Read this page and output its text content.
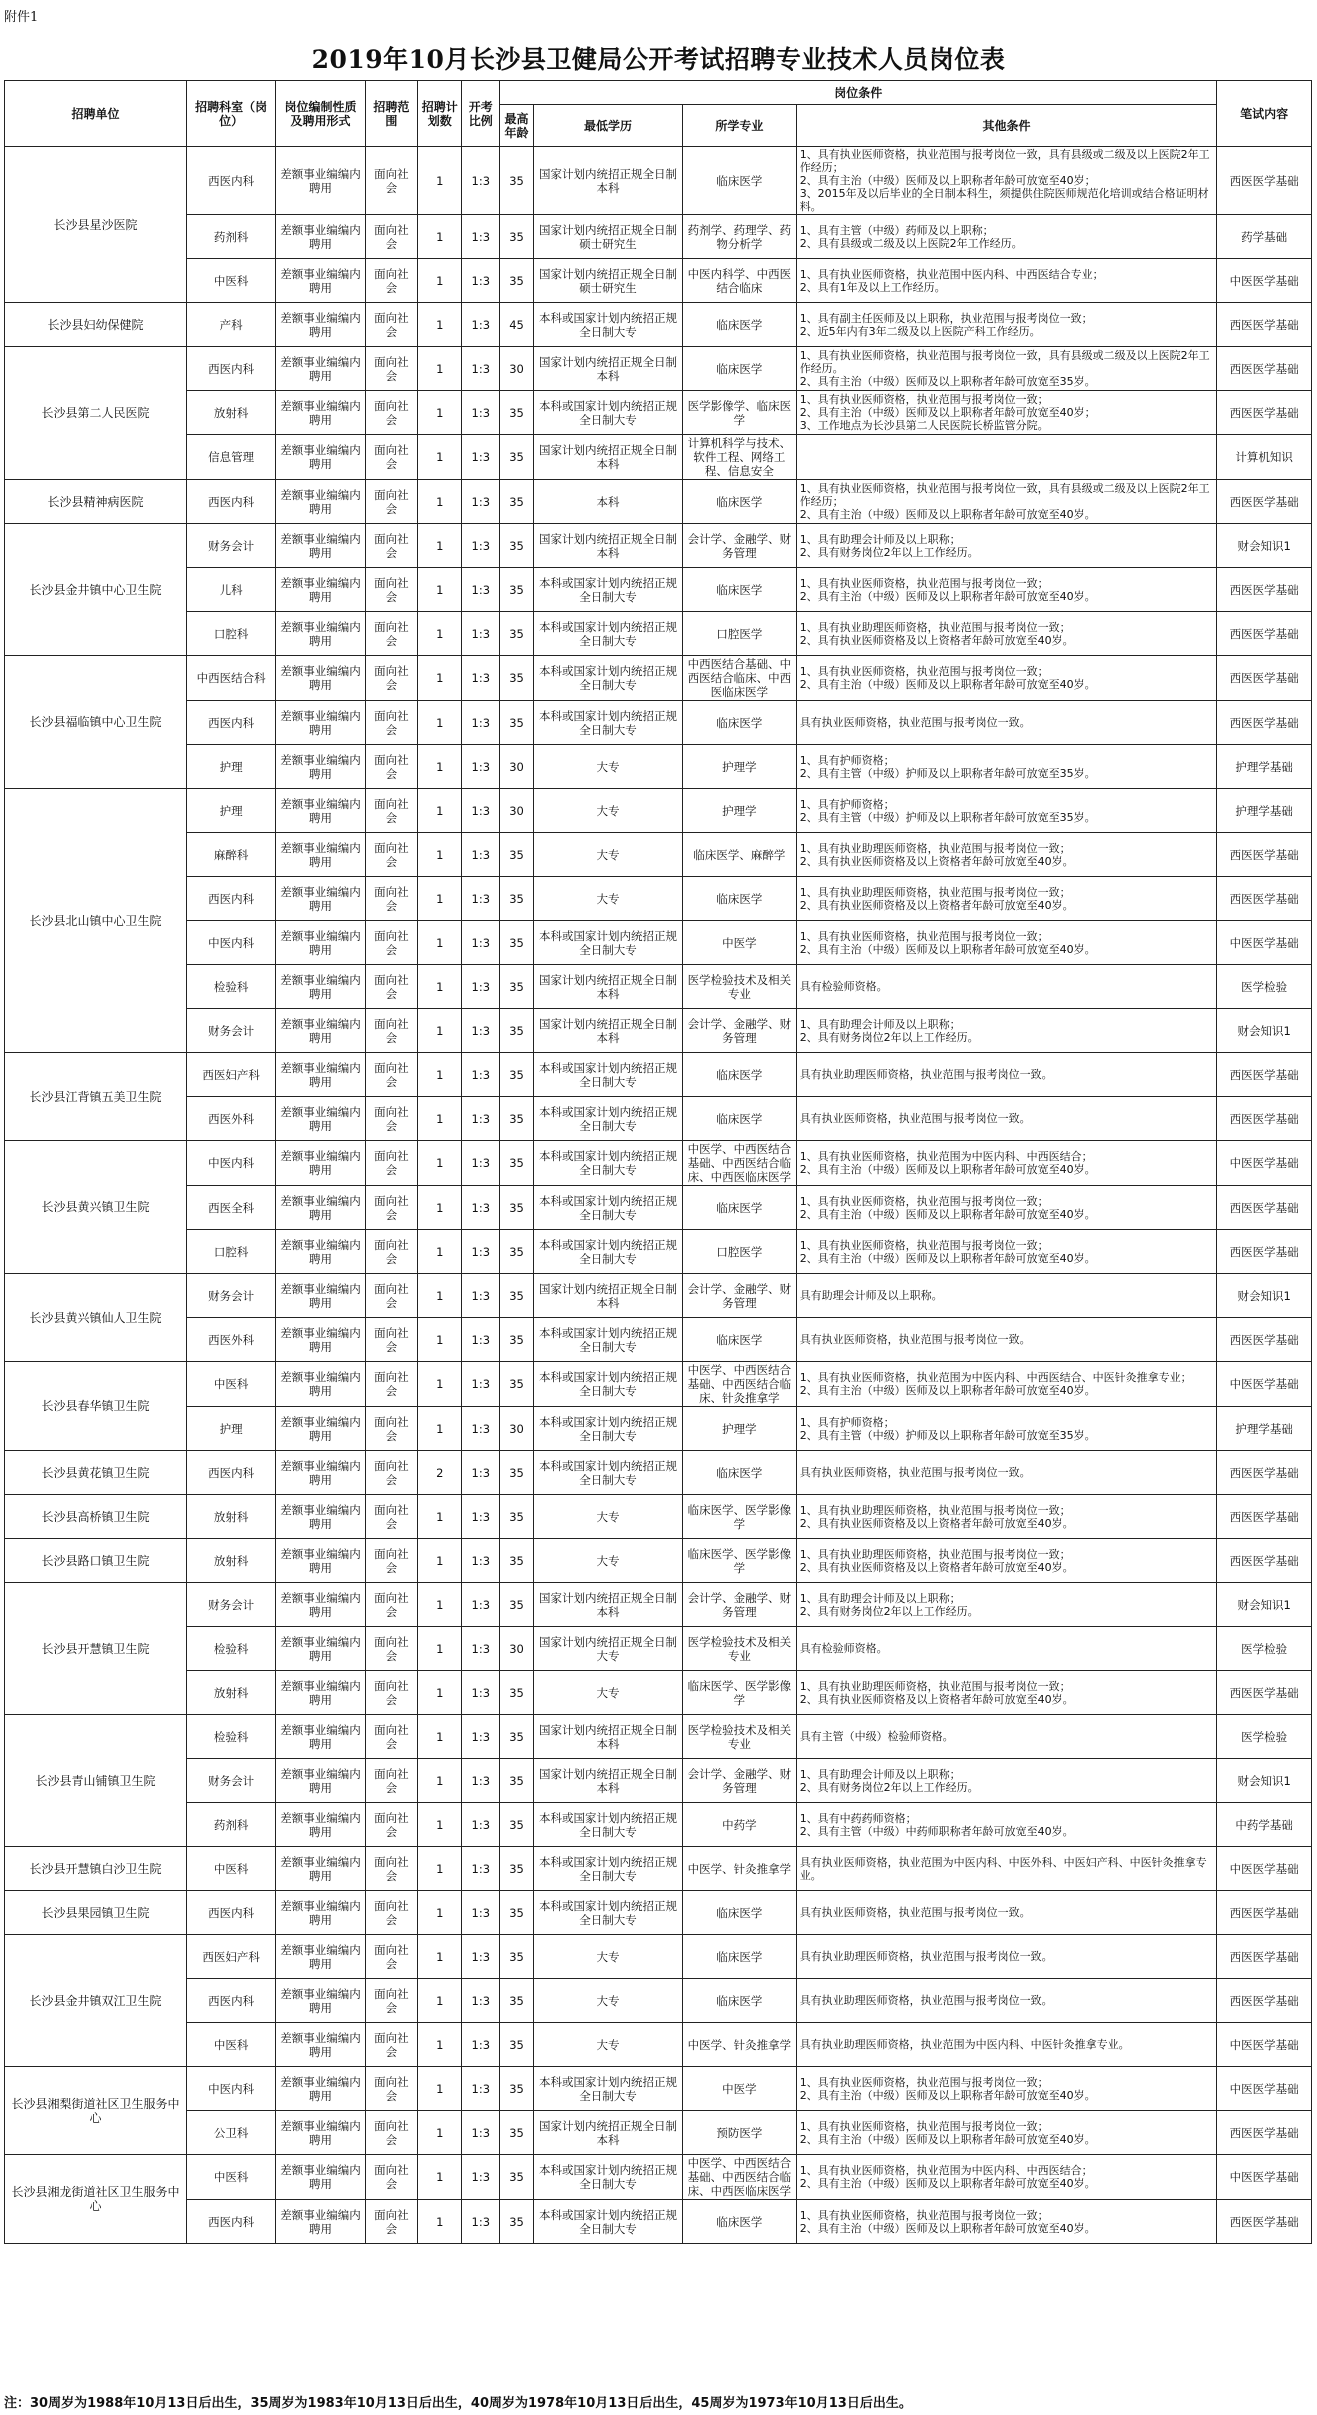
附件1
2019年10月长沙县卫健局公开考试招聘专业技术人员岗位表
招聘单位	招聘科室（岗位）	岗位编制性质及聘用形式	招聘范围	招聘计划数	开考比例	岗位条件				笔试内容
						最高年龄	最低学历	所学专业	其他条件	
长沙县星沙医院	西医内科	差额事业编编内聘用	面向社会	1	1:3	35	国家计划内统招正规全日制本科	临床医学	1、具有执业医师资格，执业范围与报考岗位一致，具有县级或二级及以上医院2年工作经历；
2、具有主治（中级）医师及以上职称者年龄可放宽至40岁；
3、2015年及以后毕业的全日制本科生，须提供住院医师规范化培训或结合格证明材料。	西医医学基础
	药剂科	差额事业编编内聘用	面向社会	1	1:3	35	国家计划内统招正规全日制硕士研究生	药剂学、药理学、药物分析学	1、具有主管（中级）药师及以上职称；
2、具有县级或二级及以上医院2年工作经历。	药学基础
	中医科	差额事业编编内聘用	面向社会	1	1:3	35	国家计划内统招正规全日制硕士研究生	中医内科学、中西医结合临床	1、具有执业医师资格，执业范围中医内科、中西医结合专业；
2、具有1年及以上工作经历。	中医医学基础
长沙县妇幼保健院	产科	差额事业编编内聘用	面向社会	1	1:3	45	本科或国家计划内统招正规全日制大专	临床医学	1、具有副主任医师及以上职称，执业范围与报考岗位一致；
2、近5年内有3年二级及以上医院产科工作经历。	西医医学基础
长沙县第二人民医院	西医内科	差额事业编编内聘用	面向社会	1	1:3	30	国家计划内统招正规全日制本科	临床医学	1、具有执业医师资格，执业范围与报考岗位一致，具有县级或二级及以上医院2年工作经历。
2、具有主治（中级）医师及以上职称者年龄可放宽至35岁。	西医医学基础
	放射科	差额事业编编内聘用	面向社会	1	1:3	35	本科或国家计划内统招正规全日制大专	医学影像学、临床医学	1、具有执业医师资格，执业范围与报考岗位一致；
2、具有主治（中级）医师及以上职称者年龄可放宽至40岁；
3、工作地点为长沙县第二人民医院长桥监管分院。	西医医学基础
	信息管理	差额事业编编内聘用	面向社会	1	1:3	35	国家计划内统招正规全日制本科	计算机科学与技术、软件工程、网络工程、信息安全		计算机知识
长沙县精神病医院	西医内科	差额事业编编内聘用	面向社会	1	1:3	35	本科	临床医学	1、具有执业医师资格，执业范围与报考岗位一致，具有县级或二级及以上医院2年工作经历；
2、具有主治（中级）医师及以上职称者年龄可放宽至40岁。	西医医学基础
长沙县金井镇中心卫生院	财务会计	差额事业编编内聘用	面向社会	1	1:3	35	国家计划内统招正规全日制本科	会计学、金融学、财务管理	1、具有助理会计师及以上职称；
2、具有财务岗位2年以上工作经历。	财会知识1
	儿科	差额事业编编内聘用	面向社会	1	1:3	35	本科或国家计划内统招正规全日制大专	临床医学	1、具有执业医师资格，执业范围与报考岗位一致；
2、具有主治（中级）医师及以上职称者年龄可放宽至40岁。	西医医学基础
	口腔科	差额事业编编内聘用	面向社会	1	1:3	35	本科或国家计划内统招正规全日制大专	口腔医学	1、具有执业助理医师资格，执业范围与报考岗位一致；
2、具有执业医师资格及以上资格者年龄可放宽至40岁。	西医医学基础
长沙县福临镇中心卫生院	中西医结合科	差额事业编编内聘用	面向社会	1	1:3	35	本科或国家计划内统招正规全日制大专	中西医结合基础、中西医结合临床、中西医临床医学	1、具有执业医师资格，执业范围与报考岗位一致；
2、具有主治（中级）医师及以上职称者年龄可放宽至40岁。	西医医学基础
	西医内科	差额事业编编内聘用	面向社会	1	1:3	35	本科或国家计划内统招正规全日制大专	临床医学	具有执业医师资格，执业范围与报考岗位一致。	西医医学基础
	护理	差额事业编编内聘用	面向社会	1	1:3	30	大专	护理学	1、具有护师资格；
2、具有主管（中级）护师及以上职称者年龄可放宽至35岁。	护理学基础
长沙县北山镇中心卫生院	护理	差额事业编编内聘用	面向社会	1	1:3	30	大专	护理学	1、具有护师资格；
2、具有主管（中级）护师及以上职称者年龄可放宽至35岁。	护理学基础
	麻醉科	差额事业编编内聘用	面向社会	1	1:3	35	大专	临床医学、麻醉学	1、具有执业助理医师资格，执业范围与报考岗位一致；
2、具有执业医师资格及以上资格者年龄可放宽至40岁。	西医医学基础
	西医内科	差额事业编编内聘用	面向社会	1	1:3	35	大专	临床医学	1、具有执业助理医师资格，执业范围与报考岗位一致；
2、具有执业医师资格及以上资格者年龄可放宽至40岁。	西医医学基础
	中医内科	差额事业编编内聘用	面向社会	1	1:3	35	本科或国家计划内统招正规全日制大专	中医学	1、具有执业医师资格，执业范围与报考岗位一致；
2、具有主治（中级）医师及以上职称者年龄可放宽至40岁。	中医医学基础
	检验科	差额事业编编内聘用	面向社会	1	1:3	35	国家计划内统招正规全日制本科	医学检验技术及相关专业	具有检验师资格。	医学检验
	财务会计	差额事业编编内聘用	面向社会	1	1:3	35	国家计划内统招正规全日制本科	会计学、金融学、财务管理	1、具有助理会计师及以上职称；
2、具有财务岗位2年以上工作经历。	财会知识1
长沙县江背镇五美卫生院	西医妇产科	差额事业编编内聘用	面向社会	1	1:3	35	本科或国家计划内统招正规全日制大专	临床医学	具有执业助理医师资格，执业范围与报考岗位一致。	西医医学基础
	西医外科	差额事业编编内聘用	面向社会	1	1:3	35	本科或国家计划内统招正规全日制大专	临床医学	具有执业医师资格，执业范围与报考岗位一致。	西医医学基础
长沙县黄兴镇卫生院	中医内科	差额事业编编内聘用	面向社会	1	1:3	35	本科或国家计划内统招正规全日制大专	中医学、中西医结合基础、中西医结合临床、中西医临床医学	1、具有执业医师资格，执业范围为中医内科、中西医结合；
2、具有主治（中级）医师及以上职称者年龄可放宽至40岁。	中医医学基础
	西医全科	差额事业编编内聘用	面向社会	1	1:3	35	本科或国家计划内统招正规全日制大专	临床医学	1、具有执业医师资格，执业范围与报考岗位一致；
2、具有主治（中级）医师及以上职称者年龄可放宽至40岁。	西医医学基础
	口腔科	差额事业编编内聘用	面向社会	1	1:3	35	本科或国家计划内统招正规全日制大专	口腔医学	1、具有执业医师资格，执业范围与报考岗位一致；
2、具有主治（中级）医师及以上职称者年龄可放宽至40岁。	西医医学基础
长沙县黄兴镇仙人卫生院	财务会计	差额事业编编内聘用	面向社会	1	1:3	35	国家计划内统招正规全日制本科	会计学、金融学、财务管理	具有助理会计师及以上职称。	财会知识1
	西医外科	差额事业编编内聘用	面向社会	1	1:3	35	本科或国家计划内统招正规全日制大专	临床医学	具有执业医师资格，执业范围与报考岗位一致。	西医医学基础
长沙县春华镇卫生院	中医科	差额事业编编内聘用	面向社会	1	1:3	35	本科或国家计划内统招正规全日制大专	中医学、中西医结合基础、中西医结合临床、针灸推拿学	1、具有执业医师资格，执业范围为中医内科、中西医结合、中医针灸推拿专业；
2、具有主治（中级）医师及以上职称者年龄可放宽至40岁。	中医医学基础
	护理	差额事业编编内聘用	面向社会	1	1:3	30	本科或国家计划内统招正规全日制大专	护理学	1、具有护师资格；
2、具有主管（中级）护师及以上职称者年龄可放宽至35岁。	护理学基础
长沙县黄花镇卫生院	西医内科	差额事业编编内聘用	面向社会	2	1:3	35	本科或国家计划内统招正规全日制大专	临床医学	具有执业医师资格，执业范围与报考岗位一致。	西医医学基础
长沙县高桥镇卫生院	放射科	差额事业编编内聘用	面向社会	1	1:3	35	大专	临床医学、医学影像学	1、具有执业助理医师资格，执业范围与报考岗位一致；
2、具有执业医师资格及以上资格者年龄可放宽至40岁。	西医医学基础
长沙县路口镇卫生院	放射科	差额事业编编内聘用	面向社会	1	1:3	35	大专	临床医学、医学影像学	1、具有执业助理医师资格，执业范围与报考岗位一致；
2、具有执业医师资格及以上资格者年龄可放宽至40岁。	西医医学基础
长沙县开慧镇卫生院	财务会计	差额事业编编内聘用	面向社会	1	1:3	35	国家计划内统招正规全日制本科	会计学、金融学、财务管理	1、具有助理会计师及以上职称；
2、具有财务岗位2年以上工作经历。	财会知识1
	检验科	差额事业编编内聘用	面向社会	1	1:3	30	国家计划内统招正规全日制大专	医学检验技术及相关专业	具有检验师资格。	医学检验
	放射科	差额事业编编内聘用	面向社会	1	1:3	35	大专	临床医学、医学影像学	1、具有执业助理医师资格，执业范围与报考岗位一致；
2、具有执业医师资格及以上资格者年龄可放宽至40岁。	西医医学基础
长沙县青山铺镇卫生院	检验科	差额事业编编内聘用	面向社会	1	1:3	35	国家计划内统招正规全日制本科	医学检验技术及相关专业	具有主管（中级）检验师资格。	医学检验
	财务会计	差额事业编编内聘用	面向社会	1	1:3	35	国家计划内统招正规全日制本科	会计学、金融学、财务管理	1、具有助理会计师及以上职称；
2、具有财务岗位2年以上工作经历。	财会知识1
	药剂科	差额事业编编内聘用	面向社会	1	1:3	35	本科或国家计划内统招正规全日制大专	中药学	1、具有中药药师资格；
2、具有主管（中级）中药师职称者年龄可放宽至40岁。	中药学基础
长沙县开慧镇白沙卫生院	中医科	差额事业编编内聘用	面向社会	1	1:3	35	本科或国家计划内统招正规全日制大专	中医学、针灸推拿学	具有执业医师资格，执业范围为中医内科、中医外科、中医妇产科、中医针灸推拿专业。	中医医学基础
长沙县果园镇卫生院	西医内科	差额事业编编内聘用	面向社会	1	1:3	35	本科或国家计划内统招正规全日制大专	临床医学	具有执业医师资格，执业范围与报考岗位一致。	西医医学基础
长沙县金井镇双江卫生院	西医妇产科	差额事业编编内聘用	面向社会	1	1:3	35	大专	临床医学	具有执业助理医师资格，执业范围与报考岗位一致。	西医医学基础
	西医内科	差额事业编编内聘用	面向社会	1	1:3	35	大专	临床医学	具有执业助理医师资格，执业范围与报考岗位一致。	西医医学基础
	中医科	差额事业编编内聘用	面向社会	1	1:3	35	大专	中医学、针灸推拿学	具有执业助理医师资格，执业范围为中医内科、中医针灸推拿专业。	中医医学基础
长沙县湘梨街道社区卫生服务中心	中医内科	差额事业编编内聘用	面向社会	1	1:3	35	本科或国家计划内统招正规全日制大专	中医学	1、具有执业医师资格，执业范围与报考岗位一致；
2、具有主治（中级）医师及以上职称者年龄可放宽至40岁。	中医医学基础
	公卫科	差额事业编编内聘用	面向社会	1	1:3	35	国家计划内统招正规全日制本科	预防医学	1、具有执业医师资格，执业范围与报考岗位一致；
2、具有主治（中级）医师及以上职称者年龄可放宽至40岁。	西医医学基础
长沙县湘龙街道社区卫生服务中心	中医科	差额事业编编内聘用	面向社会	1	1:3	35	本科或国家计划内统招正规全日制大专	中医学、中西医结合基础、中西医结合临床、中西医临床医学	1、具有执业医师资格，执业范围为中医内科、中西医结合；
2、具有主治（中级）医师及以上职称者年龄可放宽至40岁。	中医医学基础
	西医内科	差额事业编编内聘用	面向社会	1	1:3	35	本科或国家计划内统招正规全日制大专	临床医学	1、具有执业医师资格，执业范围与报考岗位一致；
2、具有主治（中级）医师及以上职称者年龄可放宽至40岁。	西医医学基础
注：30周岁为1988年10月13日后出生，35周岁为1983年10月13日后出生，40周岁为1978年10月13日后出生，45周岁为1973年10月13日后出生。
